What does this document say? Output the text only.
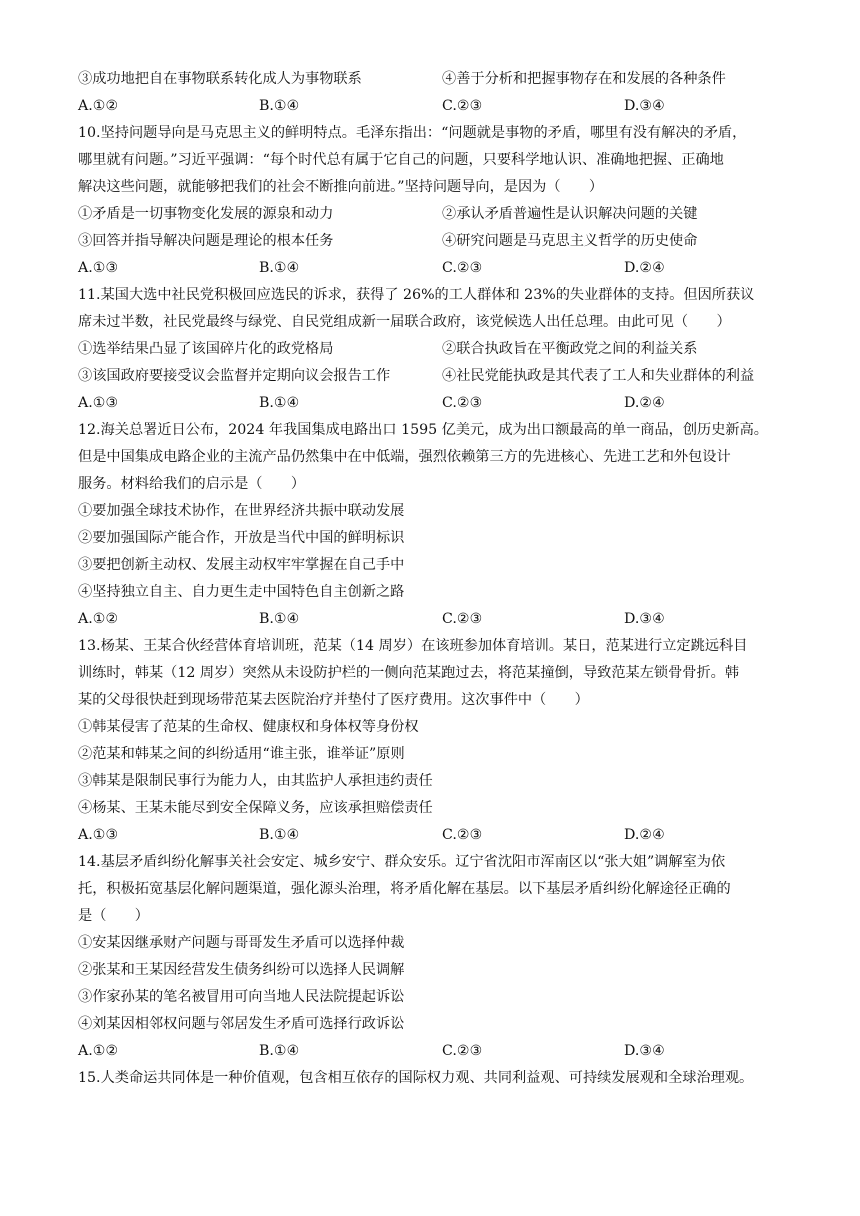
③成功地把自在事物联系转化成人为事物联系	④善于分析和把握事物存在和发展的各种条件
A.①②	B.①④	C.②③	D.③④
10.坚持问题导向是马克思主义的鲜明特点。毛泽东指出：“问题就是事物的矛盾，哪里有没有解决的矛盾，
哪里就有问题。”习近平强调：“每个时代总有属于它自己的问题，只要科学地认识、准确地把握、正确地
解决这些问题，就能够把我们的社会不断推向前进。”坚持问题导向，是因为（　　）
①矛盾是一切事物变化发展的源泉和动力	②承认矛盾普遍性是认识解决问题的关键
③回答并指导解决问题是理论的根本任务	④研究问题是马克思主义哲学的历史使命
A.①③	B.①④	C.②③	D.②④
11.某国大选中社民党积极回应选民的诉求，获得了 26%的工人群体和 23%的失业群体的支持。但因所获议
席未过半数，社民党最终与绿党、自民党组成新一届联合政府，该党候选人出任总理。由此可见（　　）
①选举结果凸显了该国碎片化的政党格局	②联合执政旨在平衡政党之间的利益关系
③该国政府要接受议会监督并定期向议会报告工作	④社民党能执政是其代表了工人和失业群体的利益
A.①③	B.①④	C.②③	D.②④
12.海关总署近日公布，2024 年我国集成电路出口 1595 亿美元，成为出口额最高的单一商品，创历史新高。
但是中国集成电路企业的主流产品仍然集中在中低端，强烈依赖第三方的先进核心、先进工艺和外包设计
服务。材料给我们的启示是（　　）
①要加强全球技术协作，在世界经济共振中联动发展
②要加强国际产能合作，开放是当代中国的鲜明标识
③要把创新主动权、发展主动权牢牢掌握在自己手中
④坚持独立自主、自力更生走中国特色自主创新之路
A.①②	B.①④	C.②③	D.③④
13.杨某、王某合伙经营体育培训班，范某（14 周岁）在该班参加体育培训。某日，范某进行立定跳远科目
训练时，韩某（12 周岁）突然从未设防护栏的一侧向范某跑过去，将范某撞倒，导致范某左锁骨骨折。韩
某的父母很快赶到现场带范某去医院治疗并垫付了医疗费用。这次事件中（　　）
①韩某侵害了范某的生命权、健康权和身体权等身份权
②范某和韩某之间的纠纷适用“谁主张，谁举证”原则
③韩某是限制民事行为能力人，由其监护人承担违约责任
④杨某、王某未能尽到安全保障义务，应该承担赔偿责任
A.①③	B.①④	C.②③	D.②④
14.基层矛盾纠纷化解事关社会安定、城乡安宁、群众安乐。辽宁省沈阳市浑南区以“张大姐”调解室为依
托，积极拓宽基层化解问题渠道，强化源头治理，将矛盾化解在基层。以下基层矛盾纠纷化解途径正确的
是（　　）
①安某因继承财产问题与哥哥发生矛盾可以选择仲裁
②张某和王某因经营发生债务纠纷可以选择人民调解
③作家孙某的笔名被冒用可向当地人民法院提起诉讼
④刘某因相邻权问题与邻居发生矛盾可选择行政诉讼
A.①②	B.①④	C.②③	D.③④
15.人类命运共同体是一种价值观，包含相互依存的国际权力观、共同利益观、可持续发展观和全球治理观。
